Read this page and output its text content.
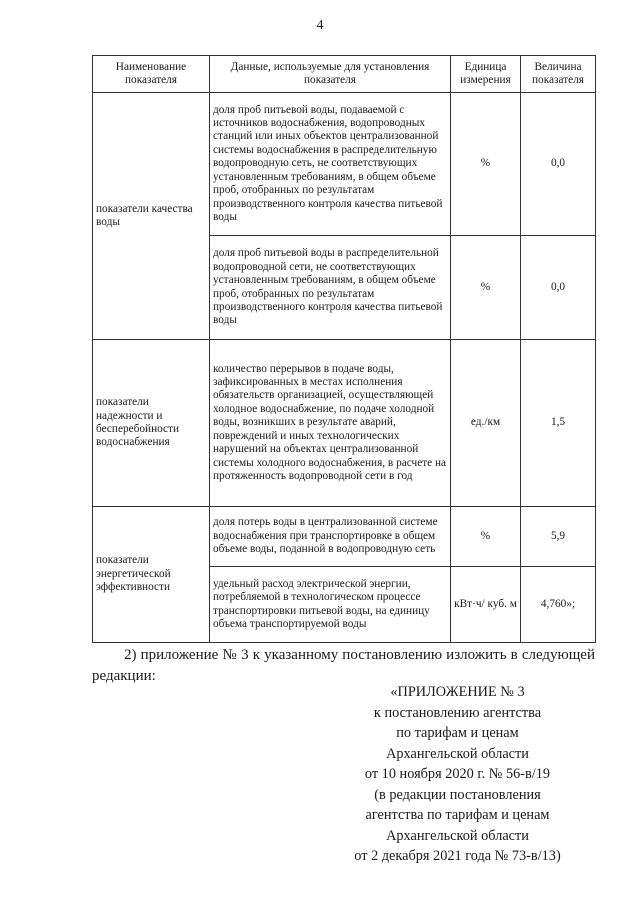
4
Наименование показателя	Данные, используемые для установления показателя	Единица измерения	Величина показателя
показатели качества воды	доля проб питьевой воды, подаваемой с источников водоснабжения, водопроводных станций или иных объектов централизованной системы водоснабжения в распределительную водопроводную сеть, не соответствующих установленным требованиям, в общем объеме проб, отобранных по результатам производственного контроля качества питьевой воды	%	0,0
	доля проб питьевой воды в распределительной водопроводной сети, не соответствующих установленным требованиям, в общем объеме проб, отобранных по результатам производственного контроля качества питьевой воды	%	0,0
показатели надежности и бесперебойности водоснабжения	количество перерывов в подаче воды, зафиксированных в местах исполнения обязательств организацией, осуществляющей холодное водоснабжение, по подаче холодной воды, возникших в результате аварий, повреждений и иных технологических нарушений на объектах централизованной системы холодного водоснабжения, в расчете на протяженность водопроводной сети в год	ед./км	1,5
показатели энергетической эффективности	доля потерь воды в централизованной системе водоснабжения при транспортировке в общем объеме воды, поданной в водопроводную сеть	%	5,9
	удельный расход электрической энергии, потребляемой в технологическом процессе транспортировки питьевой воды, на единицу объема транспортируемой воды	кВт·ч/ куб. м	4,760»;
2) приложение № 3 к указанному постановлению изложить в следующей редакции:
«ПРИЛОЖЕНИЕ № 3
к постановлению агентства
по тарифам и ценам
Архангельской области
от 10 ноября 2020 г. № 56-в/19
(в редакции постановления
агентства по тарифам и ценам
Архангельской области
от 2 декабря 2021 года № 73-в/13)
